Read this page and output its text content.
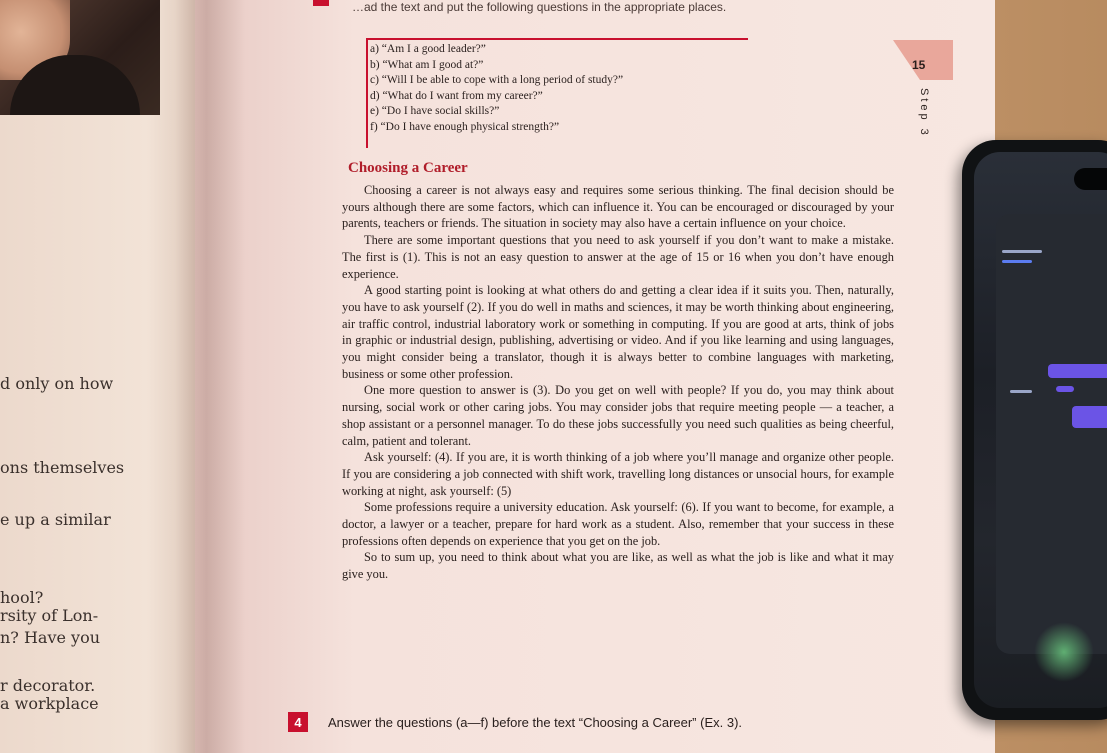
d only on how
ons themselves
e up a similar
hool?
rsity of Lon-
n? Have you
r decorator.
a workplace
…ad the text and put the following questions in the appropriate places.
15
Step 3
a) “Am I a good leader?”
b) “What am I good at?”
c) “Will I be able to cope with a long period of study?”
d) “What do I want from my career?”
e) “Do I have social skills?”
f) “Do I have enough physical strength?”
Choosing a Career

Choosing a career is not always easy and requires some serious thinking. The final decision should be yours although there are some factors, which can influence it. You can be encouraged or discouraged by your parents, teachers or friends. The situation in society may also have a certain influence on your choice.

There are some important questions that you need to ask yourself if you don’t want to make a mistake. The first is (1). This is not an easy question to answer at the age of 15 or 16 when you don’t have enough experience.

A good starting point is looking at what others do and getting a clear idea if it suits you. Then, naturally, you have to ask yourself (2). If you do well in maths and sciences, it may be worth thinking about engineering, air traffic control, industrial laboratory work or something in computing. If you are good at arts, think of jobs in graphic or industrial design, publishing, advertising or video. And if you like learning and using languages, you might consider being a translator, though it is always better to combine languages with marketing, business or some other profession.

One more question to answer is (3). Do you get on well with people? If you do, you may think about nursing, social work or other caring jobs. You may consider jobs that require meeting people — a teacher, a shop assistant or a personnel manager. To do these jobs successfully you need such qualities as being cheerful, calm, patient and tolerant.

Ask yourself: (4). If you are, it is worth thinking of a job where you’ll manage and organize other people. If you are considering a job connected with shift work, travelling long distances or unsocial hours, for example working at night, ask yourself: (5)

Some professions require a university education. Ask yourself: (6). If you want to become, for example, a doctor, a lawyer or a teacher, prepare for hard work as a student. Also, remember that your success in these professions often depends on experience that you get on the job.

So to sum up, you need to think about what you are like, as well as what the job is like and what it may give you.

4	Answer the questions (a—f) before the text “Choosing a Career” (Ex. 3).
